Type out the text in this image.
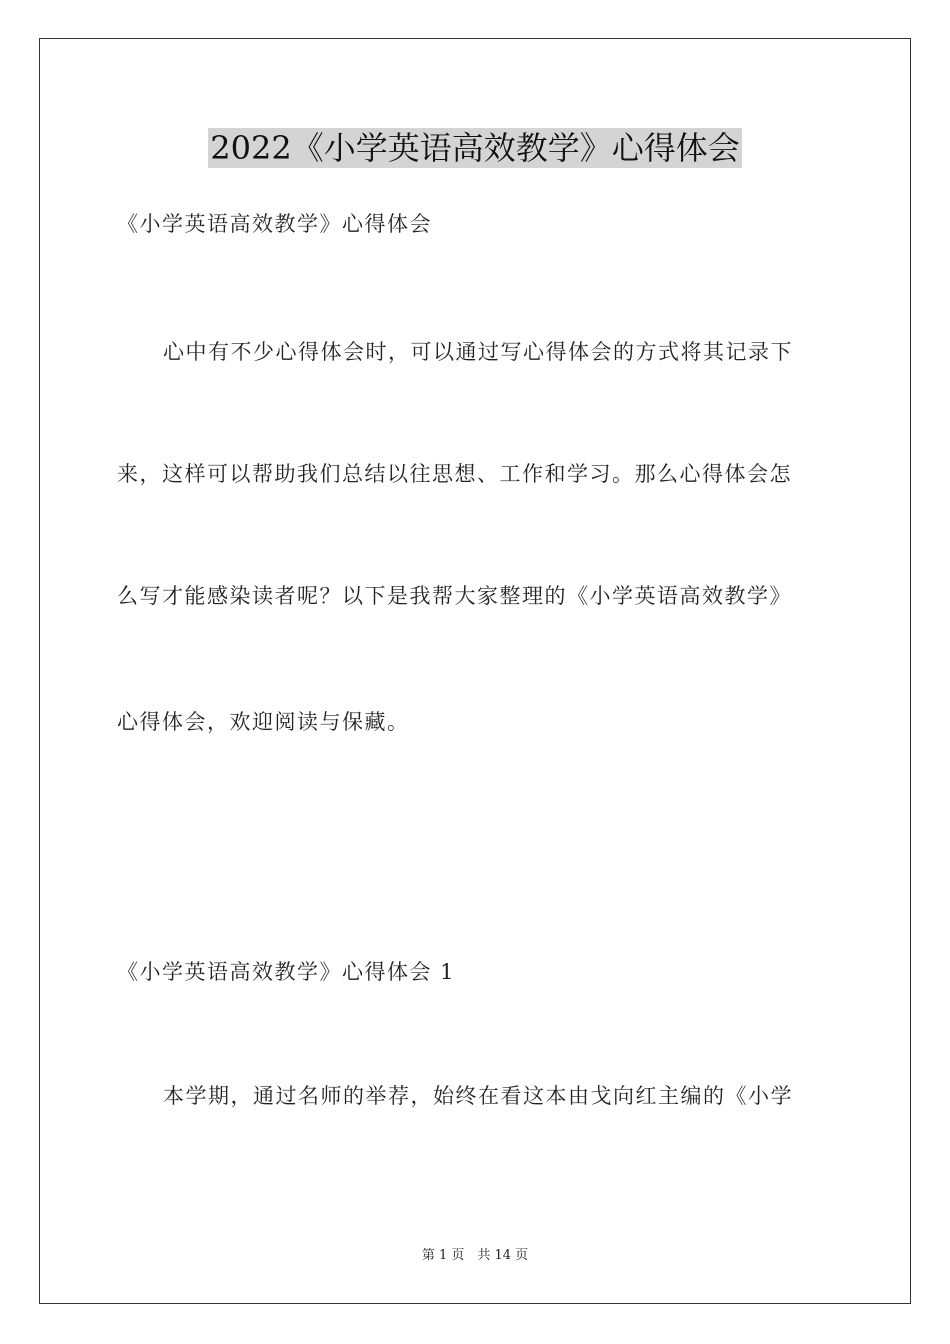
2022《小学英语高效教学》心得体会
《小学英语高效教学》心得体会
心中有不少心得体会时，可以通过写心得体会的方式将其记录下
来，这样可以帮助我们总结以往思想、工作和学习。那么心得体会怎
么写才能感染读者呢？以下是我帮大家整理的《小学英语高效教学》
心得体会，欢迎阅读与保藏。
《小学英语高效教学》心得体会 1
本学期，通过名师的举荐，始终在看这本由戈向红主编的《小学
第 1 页　共 14 页
